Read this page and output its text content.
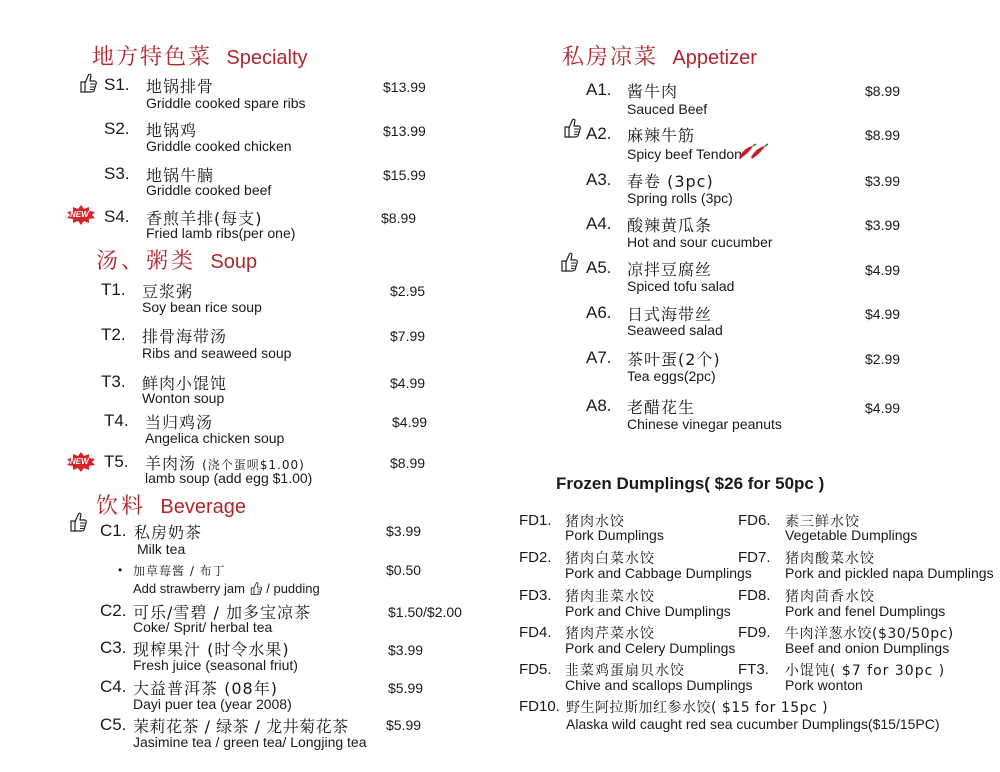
地方特色菜 Specialty
S1. 地锅排骨
Griddle cooked spare ribs
$13.99
S2. 地锅鸡
Griddle cooked chicken
$13.99
S3. 地锅牛腩
Griddle cooked beef
$15.99
NEW S4. 香煎羊排(每支)
Fried lamb ribs(per one)
$8.99
汤、粥类 Soup
T1. 豆浆粥
Soy bean rice soup
$2.95
T2. 排骨海带汤
Ribs and seaweed soup
$7.99
T3. 鲜肉小馄饨
Wonton soup
$4.99
T4. 当归鸡汤
Angelica chicken soup
$4.99
NEW T5. 羊肉汤 (浇个蛋呗$1.00)
lamb soup (add egg $1.00)
$8.99
饮料 Beverage
C1. 私房奶茶
Milk tea
$3.99
• 加草莓酱 / 布丁
Add strawberry jam / pudding
$0.50
C2. 可乐/雪碧 / 加多宝凉茶
Coke/ Sprit/ herbal tea
$1.50/$2.00
C3. 现榨果汁 (时令水果)
Fresh juice (seasonal friut)
$3.99
C4. 大益普洱茶 (08年)
Dayi puer tea (year 2008)
$5.99
C5. 茉莉花茶 / 绿茶 / 龙井菊花茶
Jasimine tea / green tea/ Longjing tea
$5.99
私房凉菜 Appetizer
A1. 酱牛肉
Sauced Beef
$8.99
A2. 麻辣牛筋
Spicy beef Tendon
$8.99
A3. 春卷 (3pc)
Spring rolls (3pc)
$3.99
A4. 酸辣黄瓜条
Hot and sour cucumber
$3.99
A5. 凉拌豆腐丝
Spiced tofu salad
$4.99
A6. 日式海带丝
Seaweed salad
$4.99
A7. 茶叶蛋(2个)
Tea eggs(2pc)
$2.99
A8. 老醋花生
Chinese vinegar peanuts
$4.99
Frozen Dumplings( $26 for 50pc )
FD1. 猪肉水饺
Pork Dumplings
FD2. 猪肉白菜水饺
Pork and Cabbage Dumplings
FD3. 猪肉韭菜水饺
Pork and Chive Dumplings
FD4. 猪肉芹菜水饺
Pork and Celery Dumplings
FD5. 韭菜鸡蛋扇贝水饺
Chive and scallops Dumplings
FD6. 素三鲜水饺
Vegetable Dumplings
FD7. 猪肉酸菜水饺
Pork and pickled napa Dumplings
FD8. 猪肉茴香水饺
Pork and fenel Dumplings
FD9. 牛肉洋葱水饺($30/50pc)
Beef and onion Dumplings
FT3. 小馄饨( $7 for 30pc )
Pork wonton
FD10. 野生阿拉斯加红参水饺( $15 for 15pc )
Alaska wild caught red sea cucumber Dumplings($15/15PC)
